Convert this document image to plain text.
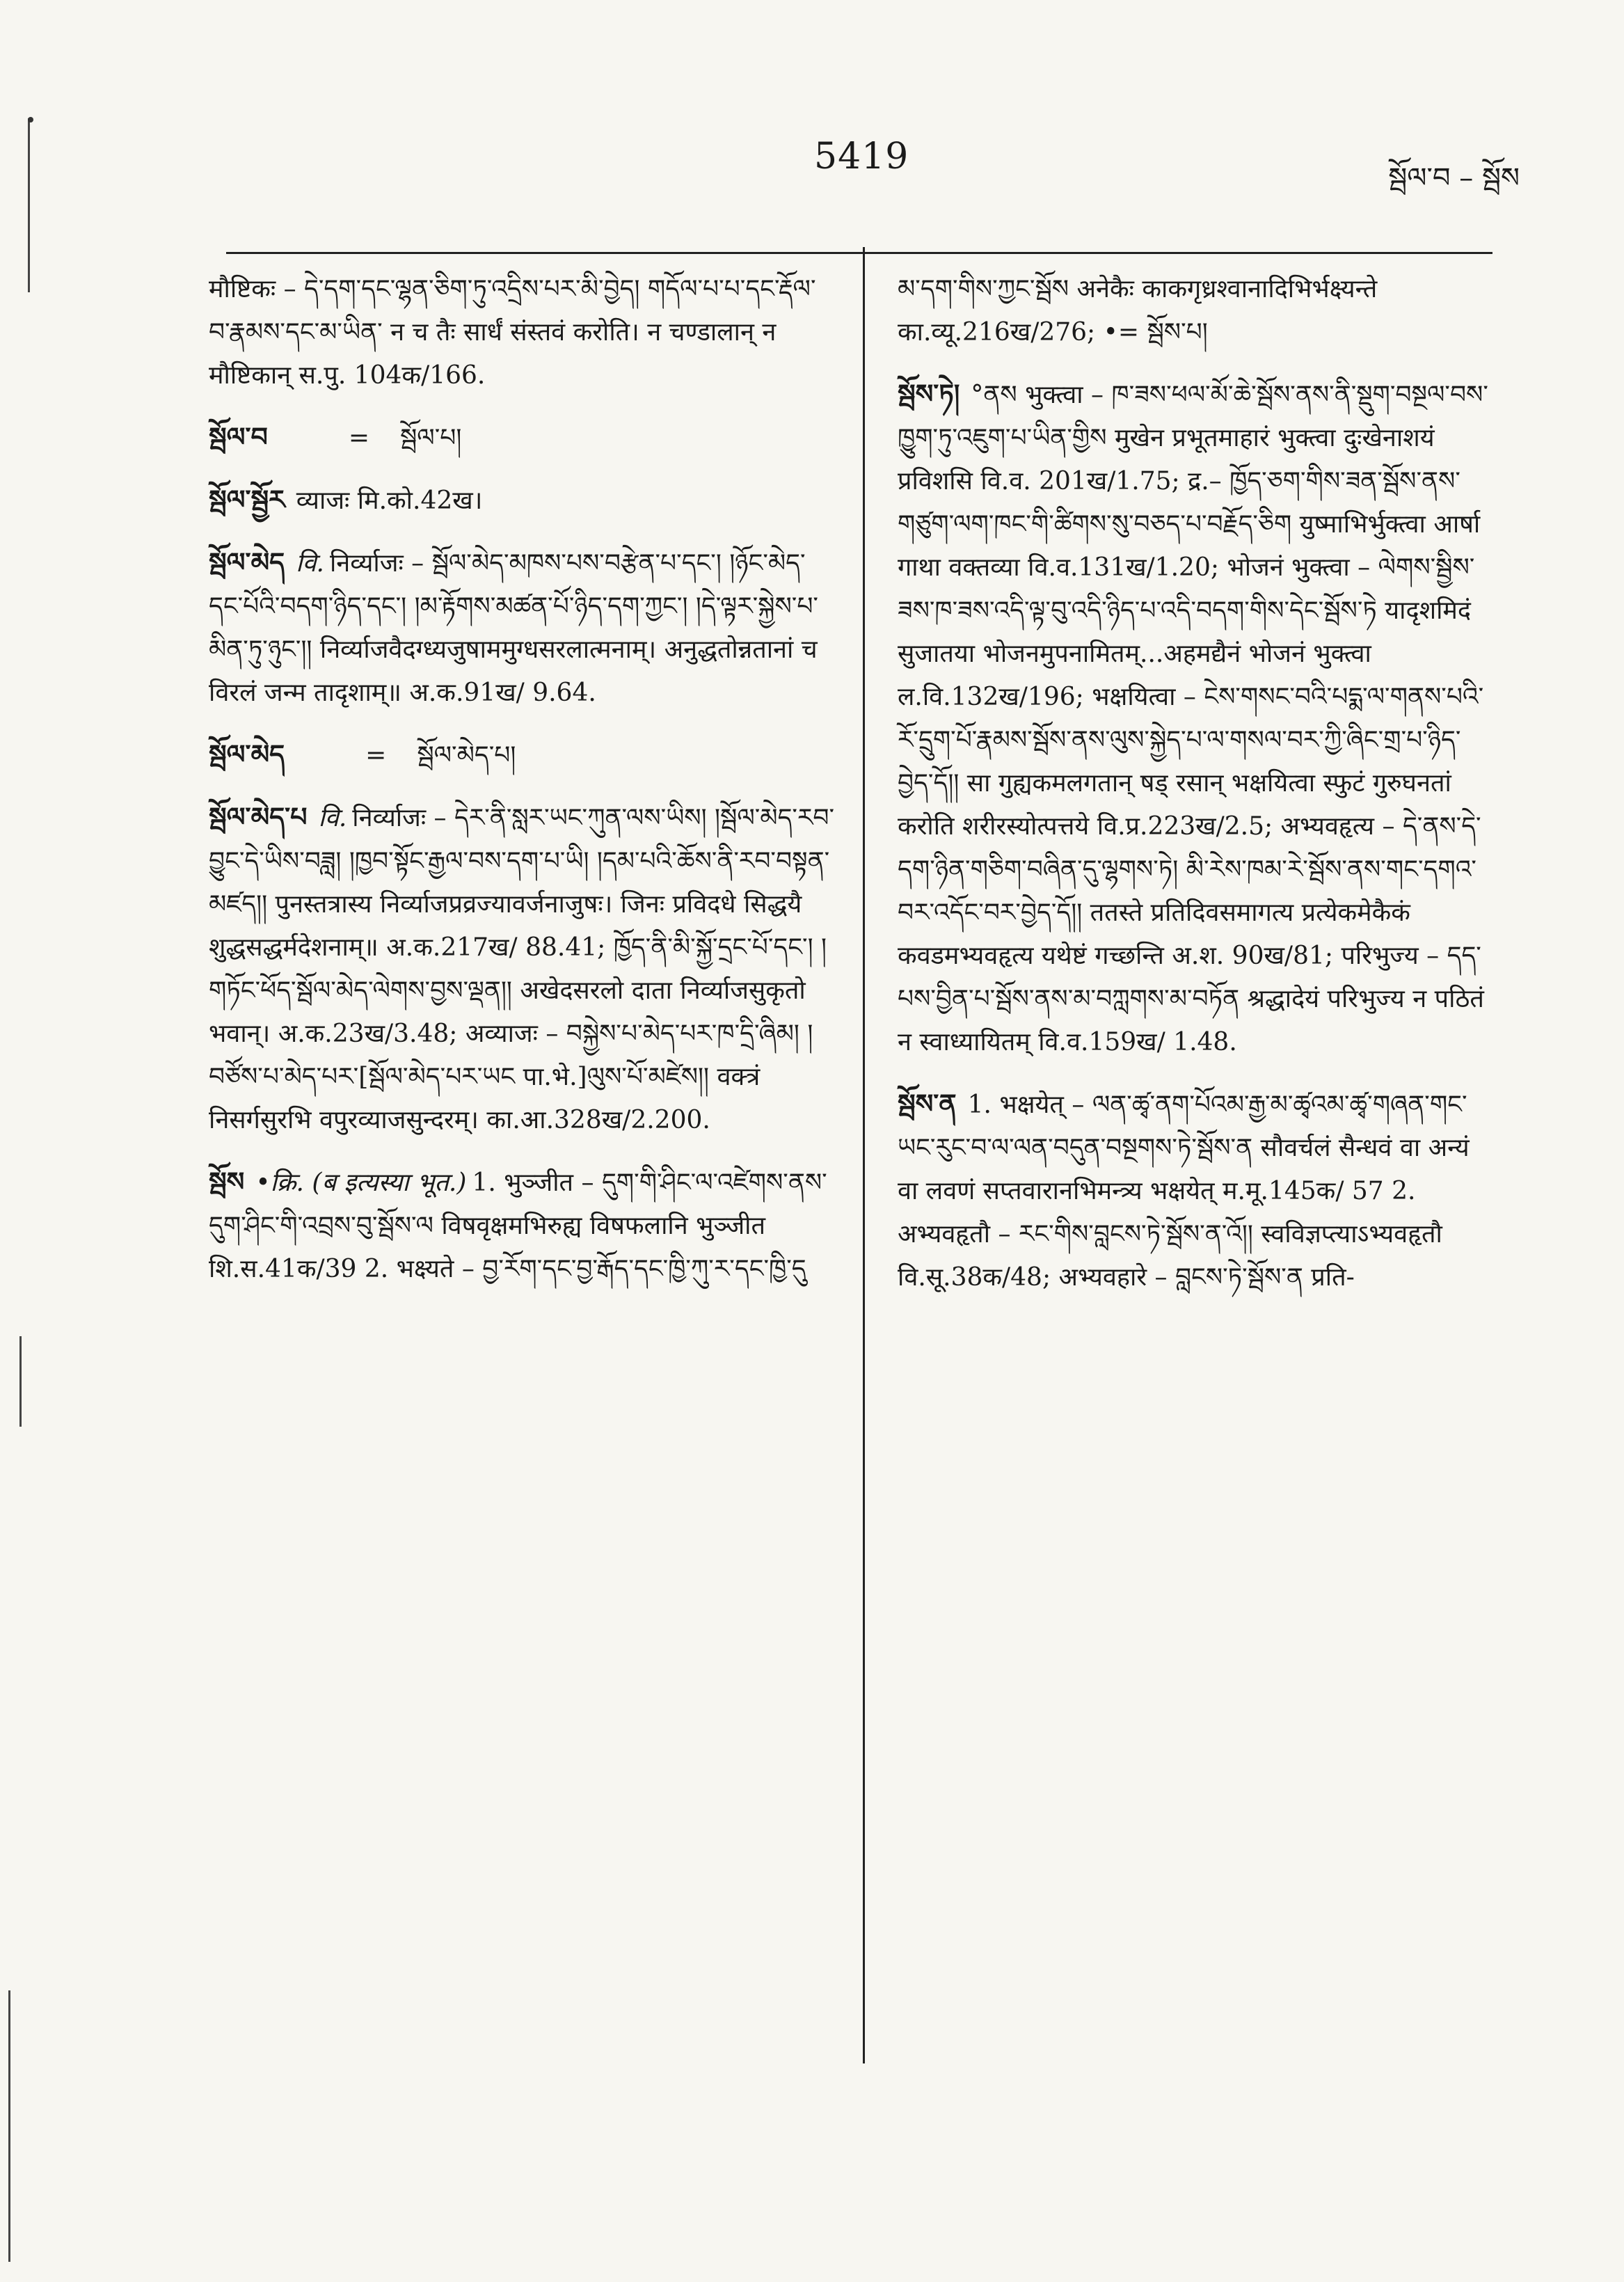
5419
སྦོལ་བ – སྦོས
मौष्टिकः – དེ་དག་དང་ལྷན་ཅིག་ཏུ་འདྲིས་པར་མི་བྱེད། གདོལ་པ་པ་དང་རྡོལ་བ་རྣམས་དང་མ་ཡིན་ न च तैः सार्धं संस्तवं करोति। न चण्डालान् न मौष्टिकान् स.पु. 104क/166.
སྦོལ་བ	= སྦོལ་པ།
སྦོལ་སྦྱོར व्याजः मि.को.42ख।
སྦོལ་མེད वि. निर्व्याजः – སྦོལ་མེད་མཁས་པས་བརྩེན་པ་དང་། །ཉོང་མེད་དང་པོའི་བདག་ཉིད་དང་། །མ་རྟོགས་མཚན་པོ་ཉིད་དག་ཀྱང་། །དེ་ལྟར་སྐྱེས་པ་མིན་ཏུ་ཉུང་།། निर्व्याजवैदग्ध्यजुषाममुग्धसरलात्मनाम्। अनुद्धतोन्नतानां च विरलं जन्म तादृशाम्॥ अ.क.91ख/ 9.64.
སྦོལ་མེད	= སྦོལ་མེད་པ།
སྦོལ་མེད་པ वि. निर्व्याजः – དེར་ནི་སླར་ཡང་ཀུན་ལས་ཡིས། །སྦོལ་མེད་རབ་བྱུང་དེ་ཡིས་བཟླ། །ཁྱབ་སྟོང་རྒྱལ་བས་དག་པ་ཡི། །དམ་པའི་ཆོས་ནི་རབ་བསྟན་མཛད།། पुनस्तत्रास्य निर्व्याजप्रव्रज्यावर्जनाजुषः। जिनः प्रविदधे सिद्धयै शुद्धसद्धर्मदेशनाम्॥ अ.क.217ख/ 88.41; ཁྱོད་ནི་མི་སྐྱོ་དྲང་པོ་དང་། །གཏོང་ཕོད་སྦོལ་མེད་ལེགས་བྱས་ལྡན།། अखेदसरलो दाता निर्व्याजसुकृतो भवान्। अ.क.23ख/3.48; अव्याजः – བསྐྱེས་པ་མེད་པར་ཁ་དྲི་ཞིམ། །བཙོས་པ་མེད་པར་[སྦོལ་མེད་པར་ཡང पा.भे.]ལུས་པོ་མཛེས།། वक्त्रं निसर्गसुरभि वपुरव्याजसुन्दरम्। का.आ.328ख/2.200.
སྦོས •क्रि. (ब इत्यस्या भूत.) 1. भुञ्जीत – དུག་གི་ཤིང་ལ་འཛེགས་ནས་དུག་ཤིང་གི་འབྲས་བུ་སྦོས་ལ विषवृक्षमभिरुह्य विषफलानि भुञ्जीत शि.स.41क/39 2. भक्ष्यते – བྱ་རོག་དང་བྱ་རྒོད་དང་ཁྱི་ཀུ་ར་དང་ཁྱི་དུ
མ་དག་གིས་ཀྱང་སྦོས अनेकैः काकगृध्रश्वानादिभिर्भक्ष्यन्ते का.व्यू.216ख/276; •= སྦོས་པ།
སྦོས་ཏེ། °ནས भुक्त्वा – ཁ་ཟས་ཕལ་མོ་ཆེ་སྦོས་ནས་ནི་སྡུག་བསྔལ་བས་ཁྱུག་ཏུ་འཇུག་པ་ཡིན་གྱིས मुखेन प्रभूतमाहारं भुक्त्वा दुःखेनाशयं प्रविशसि वि.व. 201ख/1.75; द्र.– ཁྱོད་ཅག་གིས་ཟན་སྦོས་ནས་གཙུག་ལག་ཁང་གི་ཚིགས་སུ་བཅད་པ་བརྗོད་ཅིག युष्माभिर्भुक्त्वा आर्षा गाथा वक्तव्या वि.व.131ख/1.20; भोजनं भुक्त्वा – ལེགས་སྦྱིས་ཟས་ཁ་ཟས་འདི་ལྟ་བུ་འདི་ཉིད་པ་འདི་བདག་གིས་དེང་སྦོས་ཏེ यादृशमिदं सुजातया भोजनमुपनामितम्...अहमद्यैनं भोजनं भुक्त्वा ल.वि.132ख/196; भक्षयित्वा – ངེས་གསང་བའི་པདྨ་ལ་གནས་པའི་རོ་དྲུག་པོ་རྣམས་སྦོས་ནས་ལུས་སྐྱེད་པ་ལ་གསལ་བར་ཀྱི་ཞིང་གྲ་པ་ཉིད་བྱེད་དོ།། सा गुह्यकमलगतान् षड् रसान् भक्षयित्वा स्फुटं गुरुघनतां करोति शरीरस्योत्पत्तये वि.प्र.223ख/2.5; अभ्यवहृत्य – དེ་ནས་དེ་དག་ཉིན་གཅིག་བཞིན་དུ་ལྷགས་ཏེ། མི་རེས་ཁམ་རེ་སྦོས་ནས་གང་དགའ་བར་འདོང་བར་བྱེད་དོ།། ततस्ते प्रतिदिवसमागत्य प्रत्येकमेकैकं कवडमभ्यवहृत्य यथेष्टं गच्छन्ति अ.श. 90ख/81; परिभुज्य – དད་པས་བྱིན་པ་སྦོས་ནས་མ་བཀླགས་མ་བཏོན श्रद्धादेयं परिभुज्य न पठितं न स्वाध्यायितम् वि.व.159ख/ 1.48.
སྦོས་ན 1. भक्षयेत् – ལན་ཚྭ་ནག་པོའམ་རྒྱ་མ་ཚྭའམ་ཚྭ་གཞན་གང་ཡང་རུང་བ་ལ་ལན་བདུན་བསྔགས་ཏེ་སྦོས་ན सौवर्चलं सैन्धवं वा अन्यं वा लवणं सप्तवारानभिमन्त्र्य भक्षयेत् म.मू.145क/ 57 2. अभ्यवहृतौ – རང་གིས་བླངས་ཏེ་སྦོས་ན་འོ།། स्वविज्ञप्त्याऽभ्यवहृतौ वि.सू.38क/48; अभ्यवहारे – བླངས་ཏེ་སྦོས་ན प्रति-
